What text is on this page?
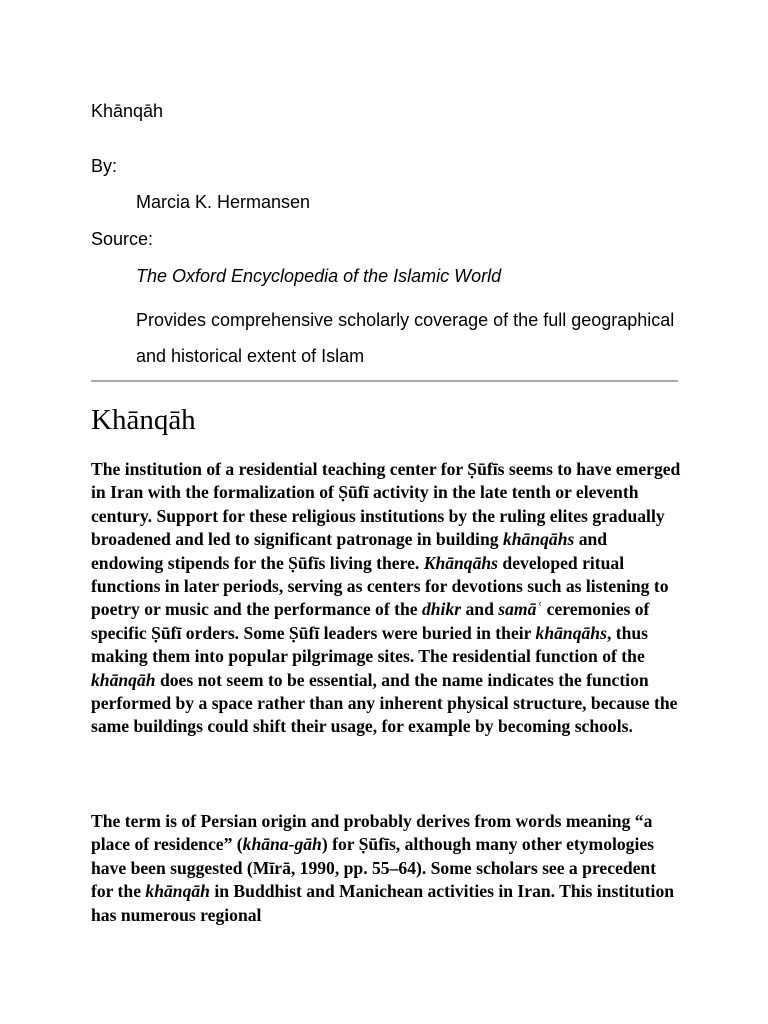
Khānqāh
By:
Marcia K. Hermansen
Source:
The Oxford Encyclopedia of the Islamic World
Provides comprehensive scholarly coverage of the full geographical and historical extent of Islam
Khānqāh

The institution of a residential teaching center for Ṣūfīs seems to have emerged in Iran with the formalization of Ṣūfī activity in the late tenth or eleventh century. Support for these religious institutions by the ruling elites gradually broadened and led to significant patronage in building khānqāhs and endowing stipends for the Ṣūfīs living there. Khānqāhs developed ritual functions in later periods, serving as centers for devotions such as listening to poetry or music and the performance of the dhikr and samāʿ ceremonies of specific Ṣūfī orders. Some Ṣūfī leaders were buried in their khānqāhs, thus making them into popular pilgrimage sites. The residential function of the khānqāh does not seem to be essential, and the name indicates the function performed by a space rather than any inherent physical structure, because the same buildings could shift their usage, for example by becoming schools.

The term is of Persian origin and probably derives from words meaning “a place of residence” (khāna-gāh) for Ṣūfīs, although many other etymologies have been suggested (Mīrā, 1990, pp. 55–64). Some scholars see a precedent for the khānqāh in Buddhist and Manichean activities in Iran. This institution has numerous regional
